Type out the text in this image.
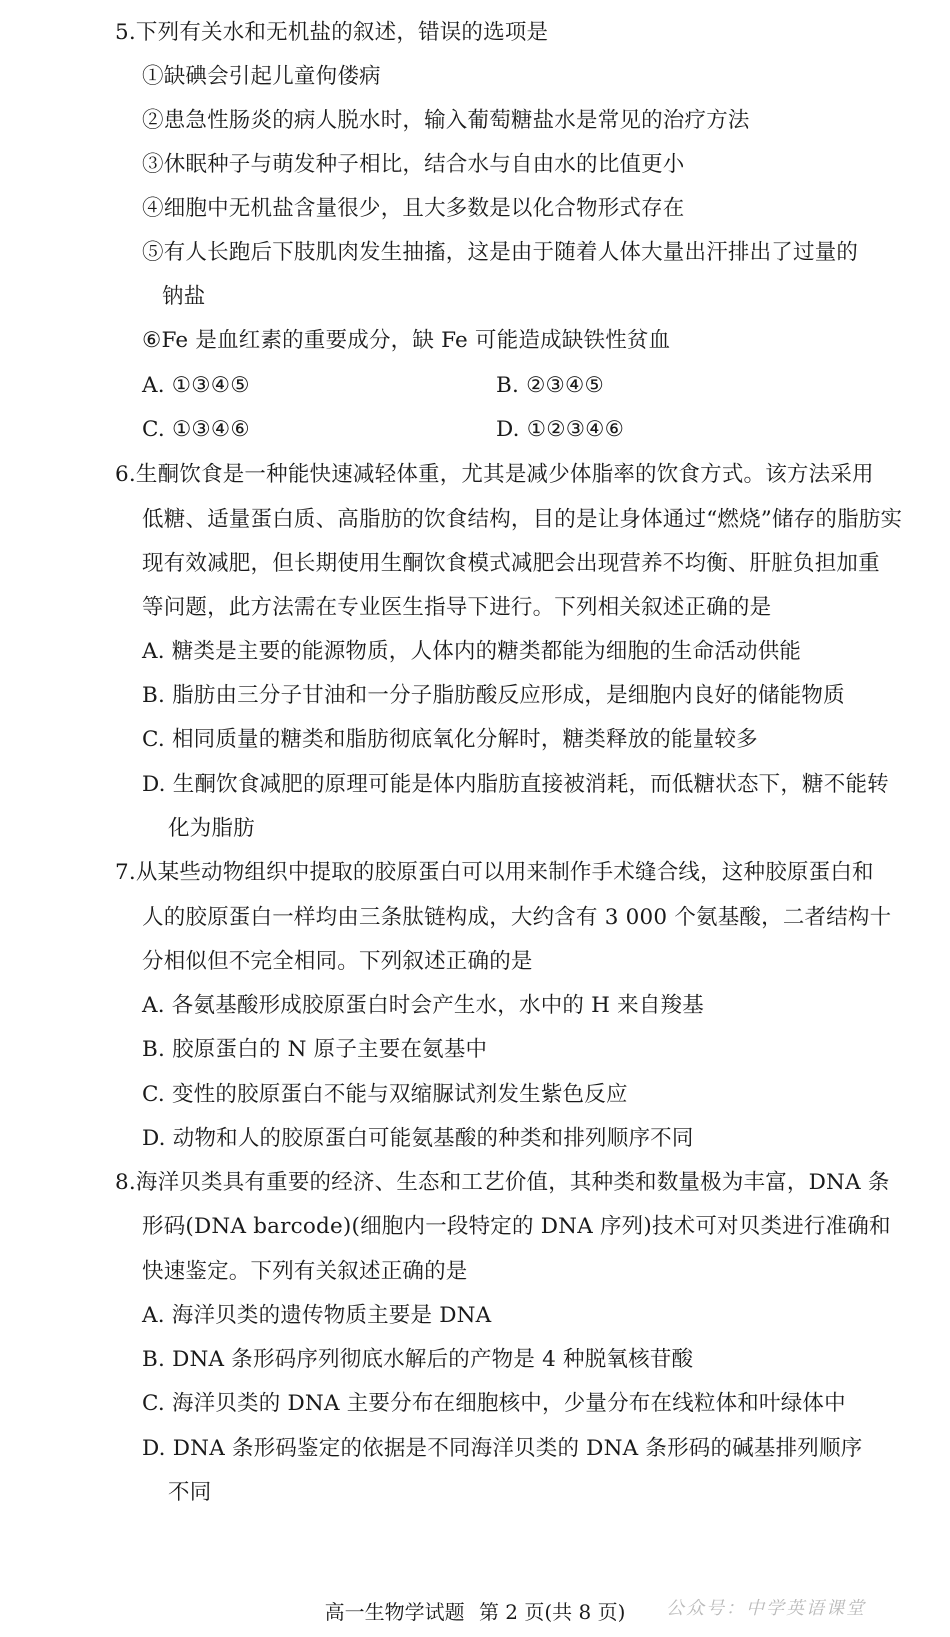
5.下列有关水和无机盐的叙述，错误的选项是
①缺碘会引起儿童佝偻病
②患急性肠炎的病人脱水时，输入葡萄糖盐水是常见的治疗方法
③休眠种子与萌发种子相比，结合水与自由水的比值更小
④细胞中无机盐含量很少，且大多数是以化合物形式存在
⑤有人长跑后下肢肌肉发生抽搐，这是由于随着人体大量出汗排出了过量的
钠盐
⑥Fe 是血红素的重要成分，缺 Fe 可能造成缺铁性贫血
A. ①③④⑤	B. ②③④⑤
C. ①③④⑥	D. ①②③④⑥
6.生酮饮食是一种能快速减轻体重，尤其是减少体脂率的饮食方式。该方法采用
低糖、适量蛋白质、高脂肪的饮食结构，目的是让身体通过“燃烧”储存的脂肪实
现有效减肥，但长期使用生酮饮食模式减肥会出现营养不均衡、肝脏负担加重
等问题，此方法需在专业医生指导下进行。下列相关叙述正确的是
A. 糖类是主要的能源物质，人体内的糖类都能为细胞的生命活动供能
B. 脂肪由三分子甘油和一分子脂肪酸反应形成，是细胞内良好的储能物质
C. 相同质量的糖类和脂肪彻底氧化分解时，糖类释放的能量较多
D. 生酮饮食减肥的原理可能是体内脂肪直接被消耗，而低糖状态下，糖不能转
化为脂肪
7.从某些动物组织中提取的胶原蛋白可以用来制作手术缝合线，这种胶原蛋白和
人的胶原蛋白一样均由三条肽链构成，大约含有 3 000 个氨基酸，二者结构十
分相似但不完全相同。下列叙述正确的是
A. 各氨基酸形成胶原蛋白时会产生水，水中的 H 来自羧基
B. 胶原蛋白的 N 原子主要在氨基中
C. 变性的胶原蛋白不能与双缩脲试剂发生紫色反应
D. 动物和人的胶原蛋白可能氨基酸的种类和排列顺序不同
8.海洋贝类具有重要的经济、生态和工艺价值，其种类和数量极为丰富，DNA 条
形码(DNA barcode)(细胞内一段特定的 DNA 序列)技术可对贝类进行准确和
快速鉴定。下列有关叙述正确的是
A. 海洋贝类的遗传物质主要是 DNA
B. DNA 条形码序列彻底水解后的产物是 4 种脱氧核苷酸
C. 海洋贝类的 DNA 主要分布在细胞核中，少量分布在线粒体和叶绿体中
D. DNA 条形码鉴定的依据是不同海洋贝类的 DNA 条形码的碱基排列顺序
不同
高一生物学试题 第 2 页(共 8 页)	公众号：中学英语课堂
